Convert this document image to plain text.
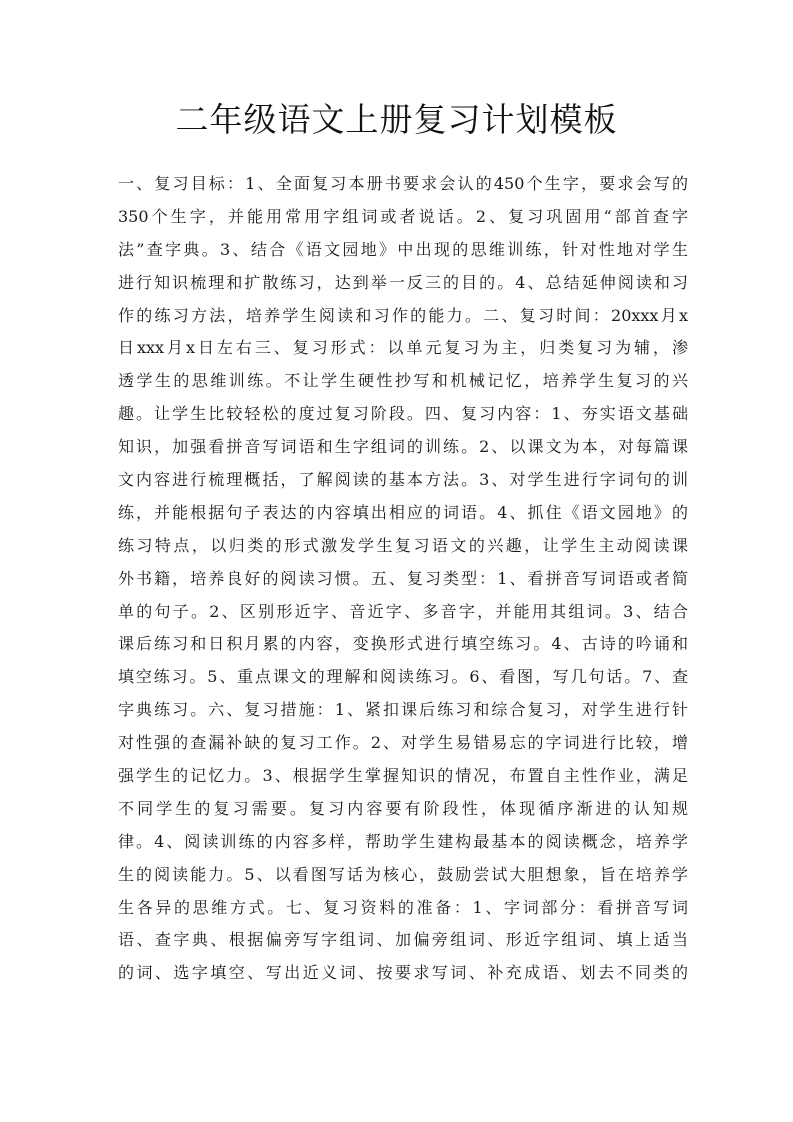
二年级语文上册复习计划模板
一、复习目标：1、全面复习本册书要求会认的450个生字，要求会写的
350个生字，并能用常用字组词或者说话。2、复习巩固用“部首查字
法”查字典。3、结合《语文园地》中出现的思维训练，针对性地对学生
进行知识梳理和扩散练习，达到举一反三的目的。4、总结延伸阅读和习
作的练习方法，培养学生阅读和习作的能力。二、复习时间：20xxx月x
日xxx月x日左右三、复习形式：以单元复习为主，归类复习为辅，渗
透学生的思维训练。不让学生硬性抄写和机械记忆，培养学生复习的兴
趣。让学生比较轻松的度过复习阶段。四、复习内容：1、夯实语文基础
知识，加强看拼音写词语和生字组词的训练。2、以课文为本，对每篇课
文内容进行梳理概括，了解阅读的基本方法。3、对学生进行字词句的训
练，并能根据句子表达的内容填出相应的词语。4、抓住《语文园地》的
练习特点，以归类的形式激发学生复习语文的兴趣，让学生主动阅读课
外书籍，培养良好的阅读习惯。五、复习类型：1、看拼音写词语或者简
单的句子。2、区别形近字、音近字、多音字，并能用其组词。3、结合
课后练习和日积月累的内容，变换形式进行填空练习。4、古诗的吟诵和
填空练习。5、重点课文的理解和阅读练习。6、看图，写几句话。7、查
字典练习。六、复习措施：1、紧扣课后练习和综合复习，对学生进行针
对性强的查漏补缺的复习工作。2、对学生易错易忘的字词进行比较，增
强学生的记忆力。3、根据学生掌握知识的情况，布置自主性作业，满足
不同学生的复习需要。复习内容要有阶段性，体现循序渐进的认知规
律。4、阅读训练的内容多样，帮助学生建构最基本的阅读概念，培养学
生的阅读能力。5、以看图写话为核心，鼓励尝试大胆想象，旨在培养学
生各异的思维方式。七、复习资料的准备：1、字词部分：看拼音写词
语、查字典、根据偏旁写字组词、加偏旁组词、形近字组词、填上适当
的词、选字填空、写出近义词、按要求写词、补充成语、划去不同类的
